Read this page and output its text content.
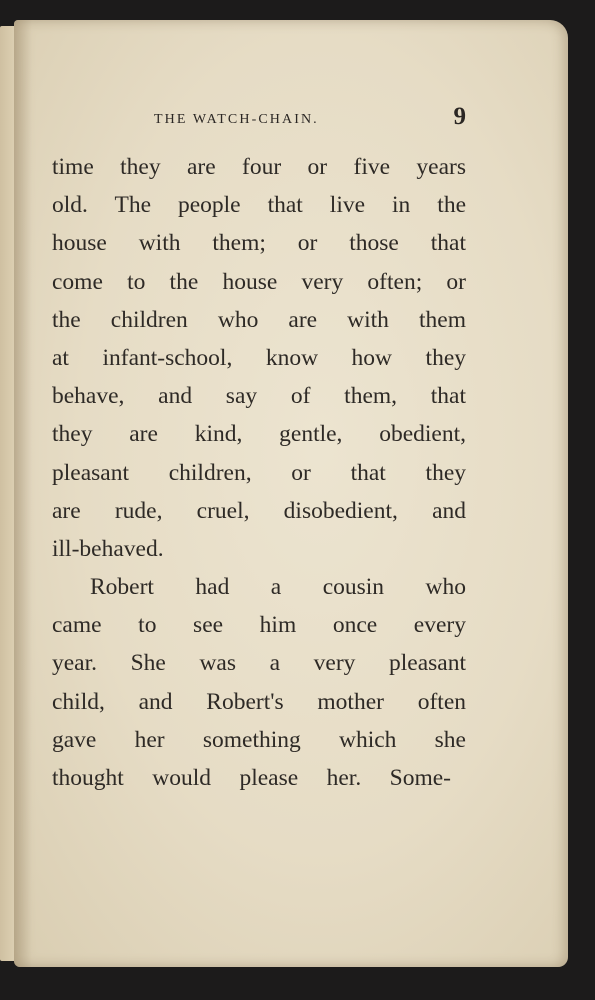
THE WATCH-CHAIN.	9
time they are four or five years
old. The people that live in the
house with them; or those that
come to the house very often; or
the children who are with them
at infant-school, know how they
behave, and say of them, that
they are kind, gentle, obedient,
pleasant children, or that they
are rude, cruel, disobedient, and
ill-behaved.
Robert had a cousin who
came to see him once every
year. She was a very pleasant
child, and Robert's mother often
gave her something which she
thought would please her. Some-
